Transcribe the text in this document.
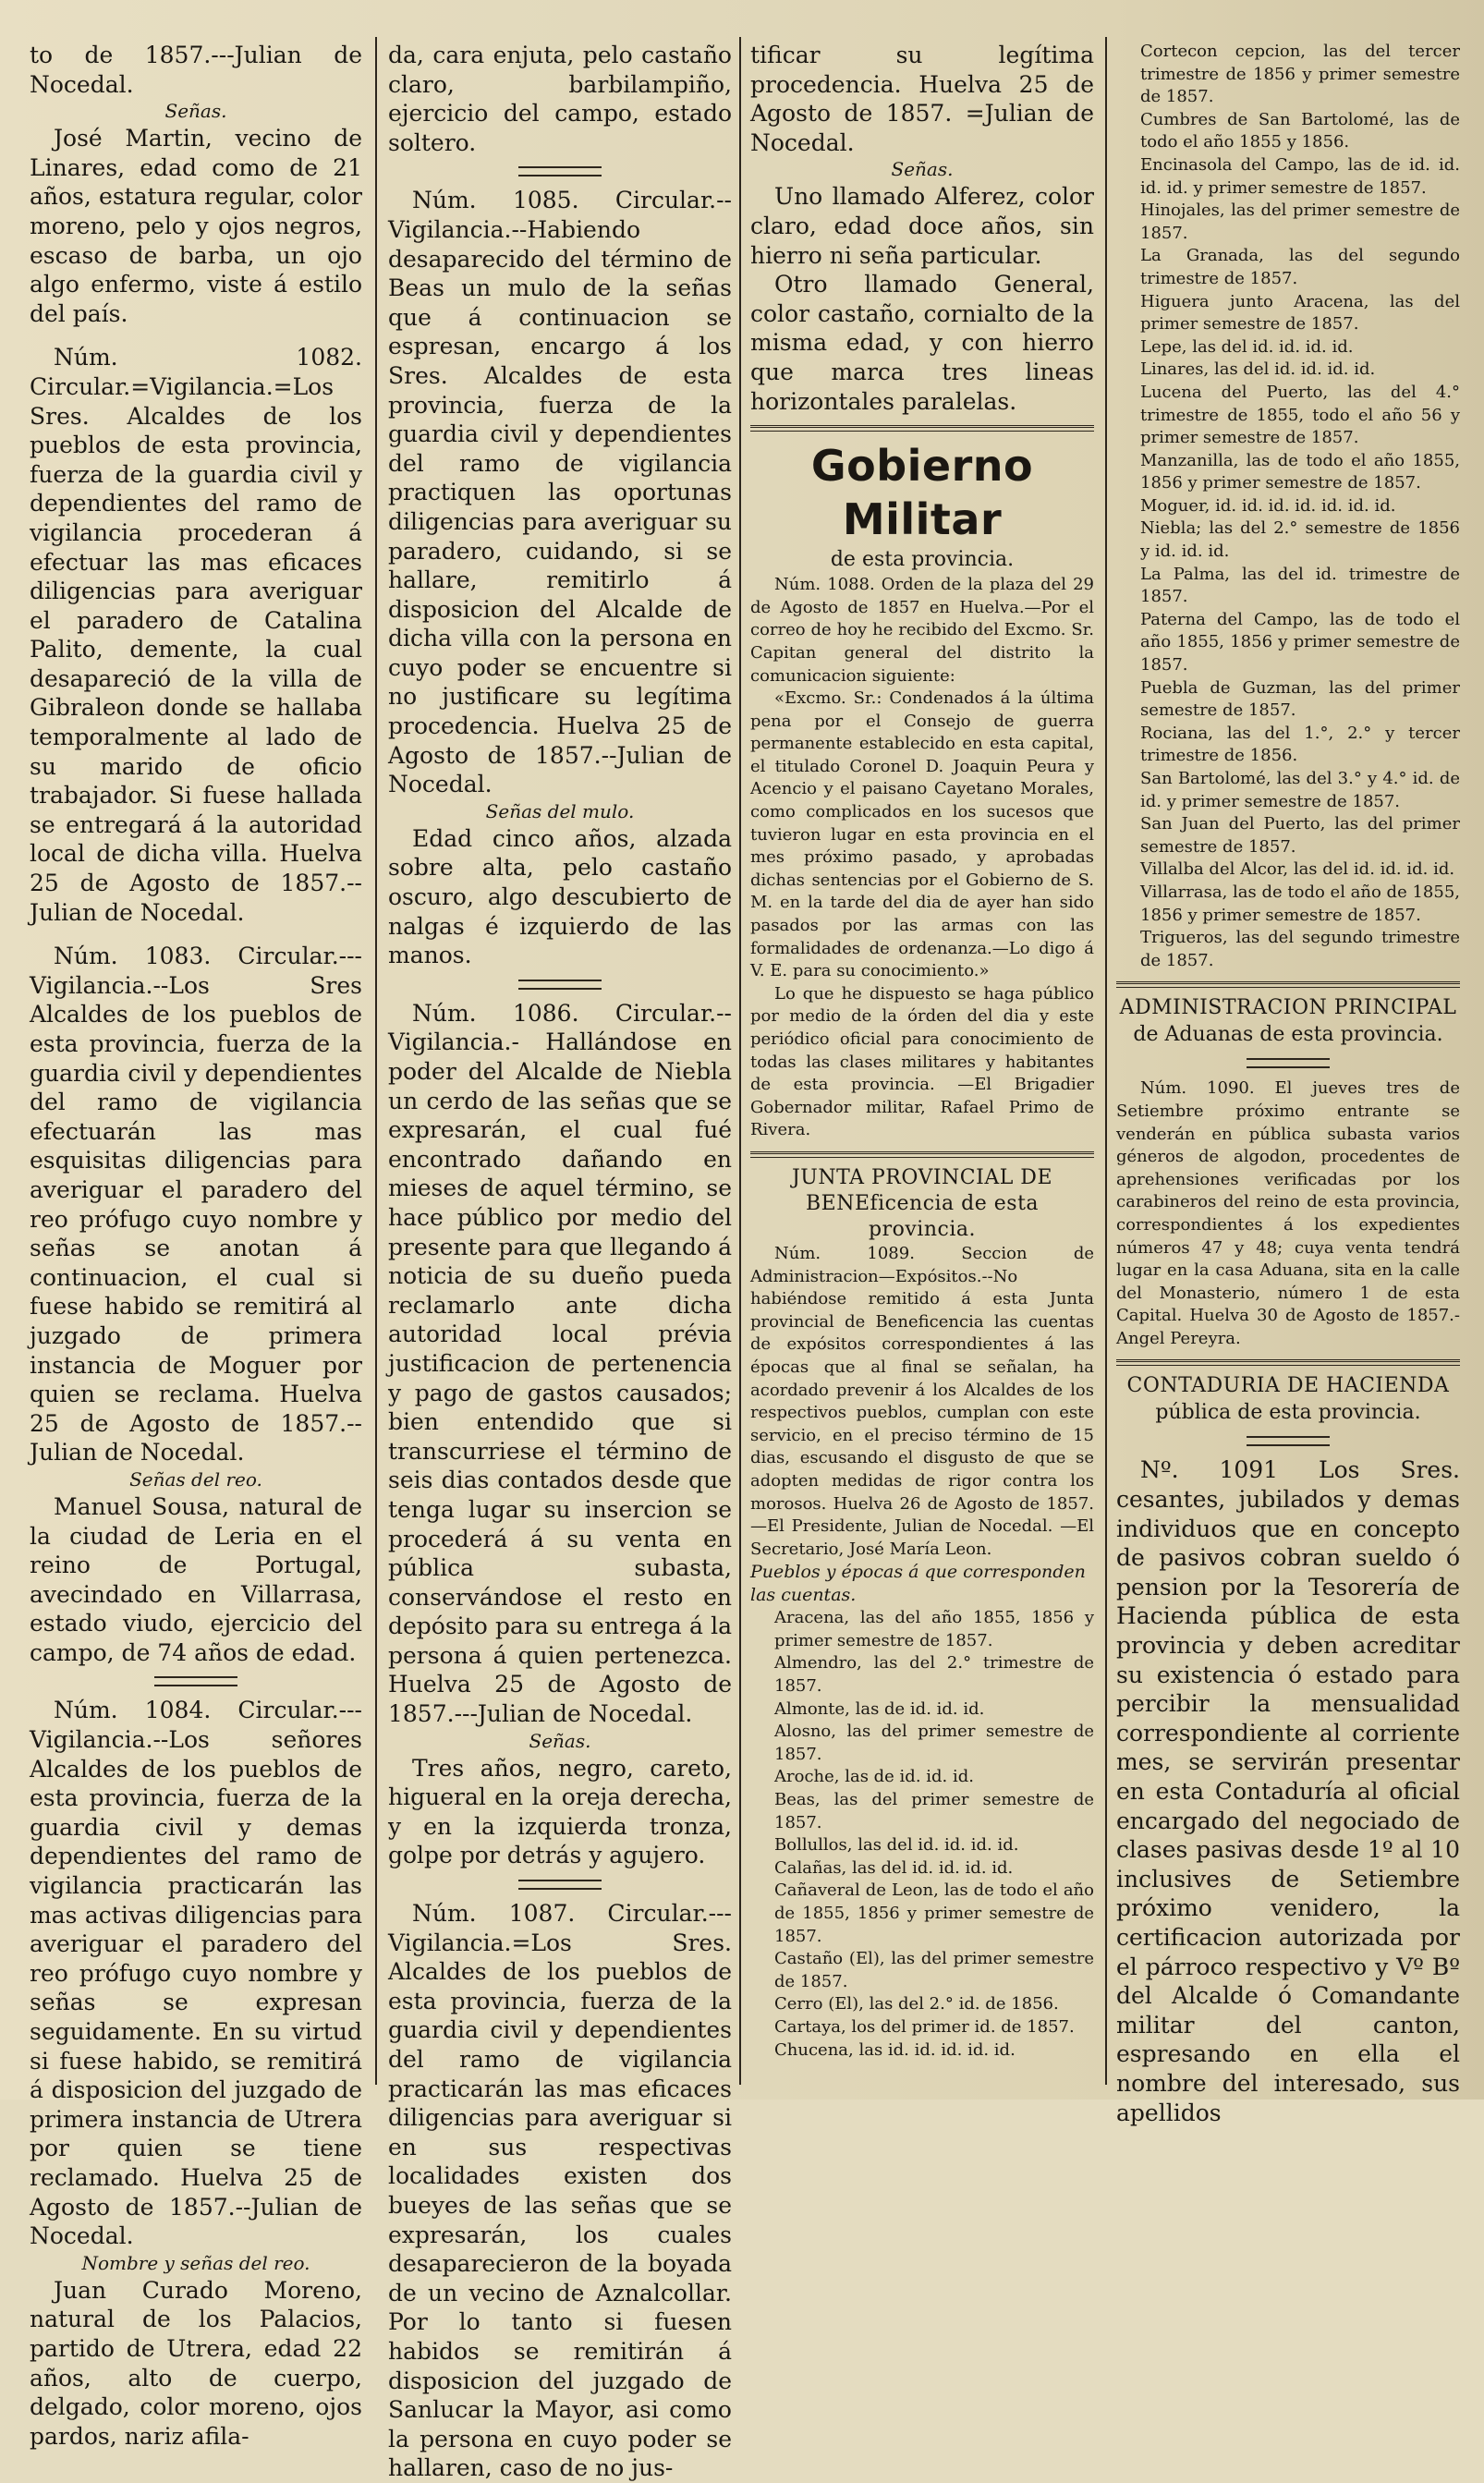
to de 1857.---Julian de Nocedal.

Señas.

José Martin, vecino de Linares, edad como de 21 años, estatura regular, color moreno, pelo y ojos negros, escaso de barba, un ojo algo enfermo, viste á estilo del país.

Núm. 1082. Circular.=Vigilancia.=Los Sres. Alcaldes de los pueblos de esta provincia, fuerza de la guardia civil y dependientes del ramo de vigilancia procederan á efectuar las mas eficaces diligencias para averiguar el paradero de Catalina Palito, demente, la cual desapareció de la villa de Gibraleon donde se hallaba temporalmente al lado de su marido de oficio trabajador. Si fuese hallada se entregará á la autoridad local de dicha villa. Huelva 25 de Agosto de 1857.--Julian de Nocedal.

Núm. 1083. Circular.---Vigilancia.--Los Sres Alcaldes de los pueblos de esta provincia, fuerza de la guardia civil y dependientes del ramo de vigilancia efectuarán las mas esquisitas diligencias para averiguar el paradero del reo prófugo cuyo nombre y señas se anotan á continuacion, el cual si fuese habido se remitirá al juzgado de primera instancia de Moguer por quien se reclama. Huelva 25 de Agosto de 1857.--Julian de Nocedal.

Señas del reo.

Manuel Sousa, natural de la ciudad de Leria en el reino de Portugal, avecindado en Villarrasa, estado viudo, ejercicio del campo, de 74 años de edad.

Núm. 1084. Circular.---Vigilancia.--Los señores Alcaldes de los pueblos de esta provincia, fuerza de la guardia civil y demas dependientes del ramo de vigilancia practicarán las mas activas diligencias para averiguar el paradero del reo prófugo cuyo nombre y señas se expresan seguidamente. En su virtud si fuese habido, se remitirá á disposicion del juzgado de primera instancia de Utrera por quien se tiene reclamado. Huelva 25 de Agosto de 1857.--Julian de Nocedal.

Nombre y señas del reo.

Juan Curado Moreno, natural de los Palacios, partido de Utrera, edad 22 años, alto de cuerpo, delgado, color moreno, ojos pardos, nariz afila-

da, cara enjuta, pelo castaño claro, barbilampiño, ejercicio del campo, estado soltero.

Núm. 1085. Circular.--Vigilancia.--Habiendo desaparecido del término de Beas un mulo de la señas que á continuacion se espresan, encargo á los Sres. Alcaldes de esta provincia, fuerza de la guardia civil y dependientes del ramo de vigilancia practiquen las oportunas diligencias para averiguar su paradero, cuidando, si se hallare, remitirlo á disposicion del Alcalde de dicha villa con la persona en cuyo poder se encuentre si no justificare su legítima procedencia. Huelva 25 de Agosto de 1857.--Julian de Nocedal.

Señas del mulo.

Edad cinco años, alzada sobre alta, pelo castaño oscuro, algo descubierto de nalgas é izquierdo de las manos.

Núm. 1086. Circular.--Vigilancia.- Hallándose en poder del Alcalde de Niebla un cerdo de las señas que se expresarán, el cual fué encontrado dañando en mieses de aquel término, se hace público por medio del presente para que llegando á noticia de su dueño pueda reclamarlo ante dicha autoridad local prévia justificacion de pertenencia y pago de gastos causados; bien entendido que si transcurriese el término de seis dias contados desde que tenga lugar su insercion se procederá á su venta en pública subasta, conservándose el resto en depósito para su entrega á la persona á quien pertenezca. Huelva 25 de Agosto de 1857.---Julian de Nocedal.

Señas.

Tres años, negro, careto, higueral en la oreja derecha, y en la izquierda tronza, golpe por detrás y agujero.

Núm. 1087. Circular.---Vigilancia.=Los Sres. Alcaldes de los pueblos de esta provincia, fuerza de la guardia civil y dependientes del ramo de vigilancia practicarán las mas eficaces diligencias para averiguar si en sus respectivas localidades existen dos bueyes de las señas que se expresarán, los cuales desaparecieron de la boyada de un vecino de Aznalcollar. Por lo tanto si fuesen habidos se remitirán á disposicion del juzgado de Sanlucar la Mayor, asi como la persona en cuyo poder se hallaren, caso de no jus-

tificar su legítima procedencia. Huelva 25 de Agosto de 1857. =Julian de Nocedal.

Señas.

Uno llamado Alferez, color claro, edad doce años, sin hierro ni seña particular.

Otro llamado General, color castaño, cornialto de la misma edad, y con hierro que marca tres lineas horizontales paralelas.

Gobierno Militar

de esta provincia.

Núm. 1088. Orden de la plaza del 29 de Agosto de 1857 en Huelva.—Por el correo de hoy he recibido del Excmo. Sr. Capitan general del distrito la comunicacion siguiente:

«Excmo. Sr.: Condenados á la última pena por el Consejo de guerra permanente establecido en esta capital, el titulado Coronel D. Joaquin Peura y Acencio y el paisano Cayetano Morales, como complicados en los sucesos que tuvieron lugar en esta provincia en el mes próximo pasado, y aprobadas dichas sentencias por el Gobierno de S. M. en la tarde del dia de ayer han sido pasados por las armas con las formalidades de ordenanza.—Lo digo á V. E. para su conocimiento.»

Lo que he dispuesto se haga público por medio de la órden del dia y este periódico oficial para conocimiento de todas las clases militares y habitantes de esta provincia. —El Brigadier Gobernador militar, Rafael Primo de Rivera.

JUNTA PROVINCIAL DE BENEficencia de esta provincia.

Núm. 1089. Seccion de Administracion—Expósitos.--No habiéndose remitido á esta Junta provincial de Beneficencia las cuentas de expósitos correspondientes á las épocas que al final se señalan, ha acordado prevenir á los Alcaldes de los respectivos pueblos, cumplan con este servicio, en el preciso término de 15 dias, escusando el disgusto de que se adopten medidas de rigor contra los morosos. Huelva 26 de Agosto de 1857.—El Presidente, Julian de Nocedal. —El Secretario, José María Leon.

Pueblos y épocas á que corresponden las cuentas.

Aracena, las del año 1855, 1856 y primer semestre de 1857.

Almendro, las del 2.° trimestre de 1857.

Almonte, las de id. id. id.

Alosno, las del primer semestre de 1857.

Aroche, las de id. id. id.

Beas, las del primer semestre de 1857.

Bollullos, las del id. id. id. id.

Calañas, las del id. id. id. id.

Cañaveral de Leon, las de todo el año de 1855, 1856 y primer semestre de 1857.

Castaño (El), las del primer semestre de 1857.

Cerro (El), las del 2.° id. de 1856.

Cartaya, los del primer id. de 1857.

Chucena, las id. id. id. id. id.

Cortecon cepcion, las del tercer trimestre de 1856 y primer semestre de 1857.

Cumbres de San Bartolomé, las de todo el año 1855 y 1856.

Encinasola del Campo, las de id. id. id. id. y primer semestre de 1857.

Hinojales, las del primer semestre de 1857.

La Granada, las del segundo trimestre de 1857.

Higuera junto Aracena, las del primer semestre de 1857.

Lepe, las del id. id. id. id.

Linares, las del id. id. id. id.

Lucena del Puerto, las del 4.° trimestre de 1855, todo el año 56 y primer semestre de 1857.

Manzanilla, las de todo el año 1855, 1856 y primer semestre de 1857.

Moguer, id. id. id. id. id. id. id.

Niebla; las del 2.° semestre de 1856 y id. id. id.

La Palma, las del id. trimestre de 1857.

Paterna del Campo, las de todo el año 1855, 1856 y primer semestre de 1857.

Puebla de Guzman, las del primer semestre de 1857.

Rociana, las del 1.°, 2.° y tercer trimestre de 1856.

San Bartolomé, las del 3.° y 4.° id. de id. y primer semestre de 1857.

San Juan del Puerto, las del primer semestre de 1857.

Villalba del Alcor, las del id. id. id. id.

Villarrasa, las de todo el año de 1855, 1856 y primer semestre de 1857.

Trigueros, las del segundo trimestre de 1857.

ADMINISTRACION PRINCIPAL

de Aduanas de esta provincia.

Núm. 1090. El jueves tres de Setiembre próximo entrante se venderán en pública subasta varios géneros de algodon, procedentes de aprehensiones verificadas por los carabineros del reino de esta provincia, correspondientes á los expedientes números 47 y 48; cuya venta tendrá lugar en la casa Aduana, sita en la calle del Monasterio, número 1 de esta Capital. Huelva 30 de Agosto de 1857.-Angel Pereyra.

CONTADURIA DE HACIENDA

pública de esta provincia.

Nº. 1091 Los Sres. cesantes, jubilados y demas individuos que en concepto de pasivos cobran sueldo ó pension por la Tesorería de Hacienda pública de esta provincia y deben acreditar su existencia ó estado para percibir la mensualidad correspondiente al corriente mes, se servirán presentar en esta Contaduría al oficial encargado del negociado de clases pasivas desde 1º al 10 inclusives de Setiembre próximo venidero, la certificacion autorizada por el párroco respectivo y Vº Bº del Alcalde ó Comandante militar del canton, espresando en ella el nombre del interesado, sus apellidos
